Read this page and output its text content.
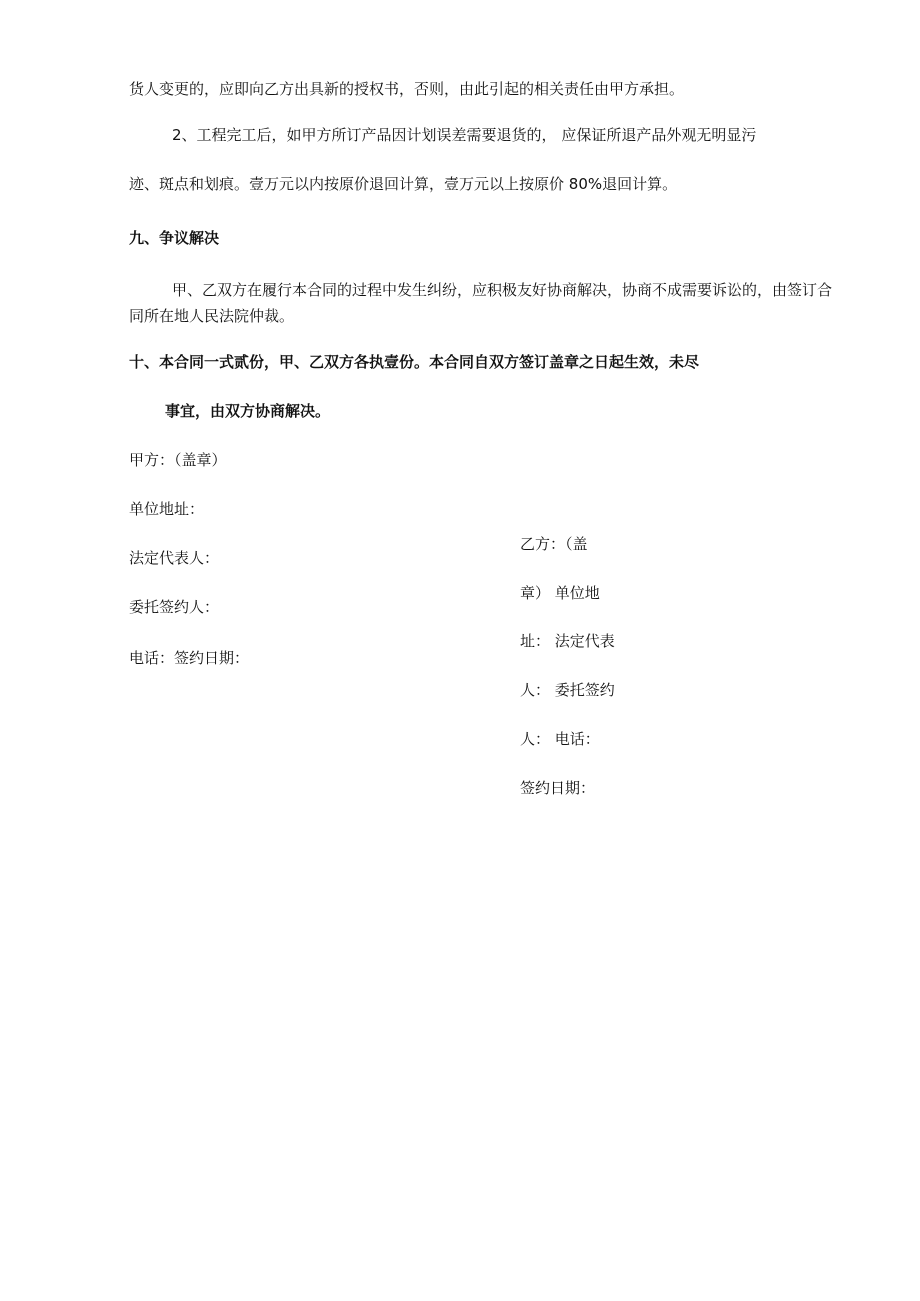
货人变更的，应即向乙方出具新的授权书，否则，由此引起的相关责任由甲方承担。

2、工程完工后，如甲方所订产品因计划误差需要退货的， 应保证所退产品外观无明显污

迹、斑点和划痕。壹万元以内按原价退回计算，壹万元以上按原价 80%退回计算。

九、争议解决

甲、乙双方在履行本合同的过程中发生纠纷，应积极友好协商解决，协商不成需要诉讼的，由签订合同所在地人民法院仲裁。

十、本合同一式贰份，甲、乙双方各执壹份。本合同自双方签订盖章之日起生效，未尽

事宜，由双方协商解决。

甲方：（盖章）

单位地址：

法定代表人：

委托签约人：

电话：签约日期：

乙方：（盖

章） 单位地

址： 法定代表

人： 委托签约

人： 电话：

签约日期：
